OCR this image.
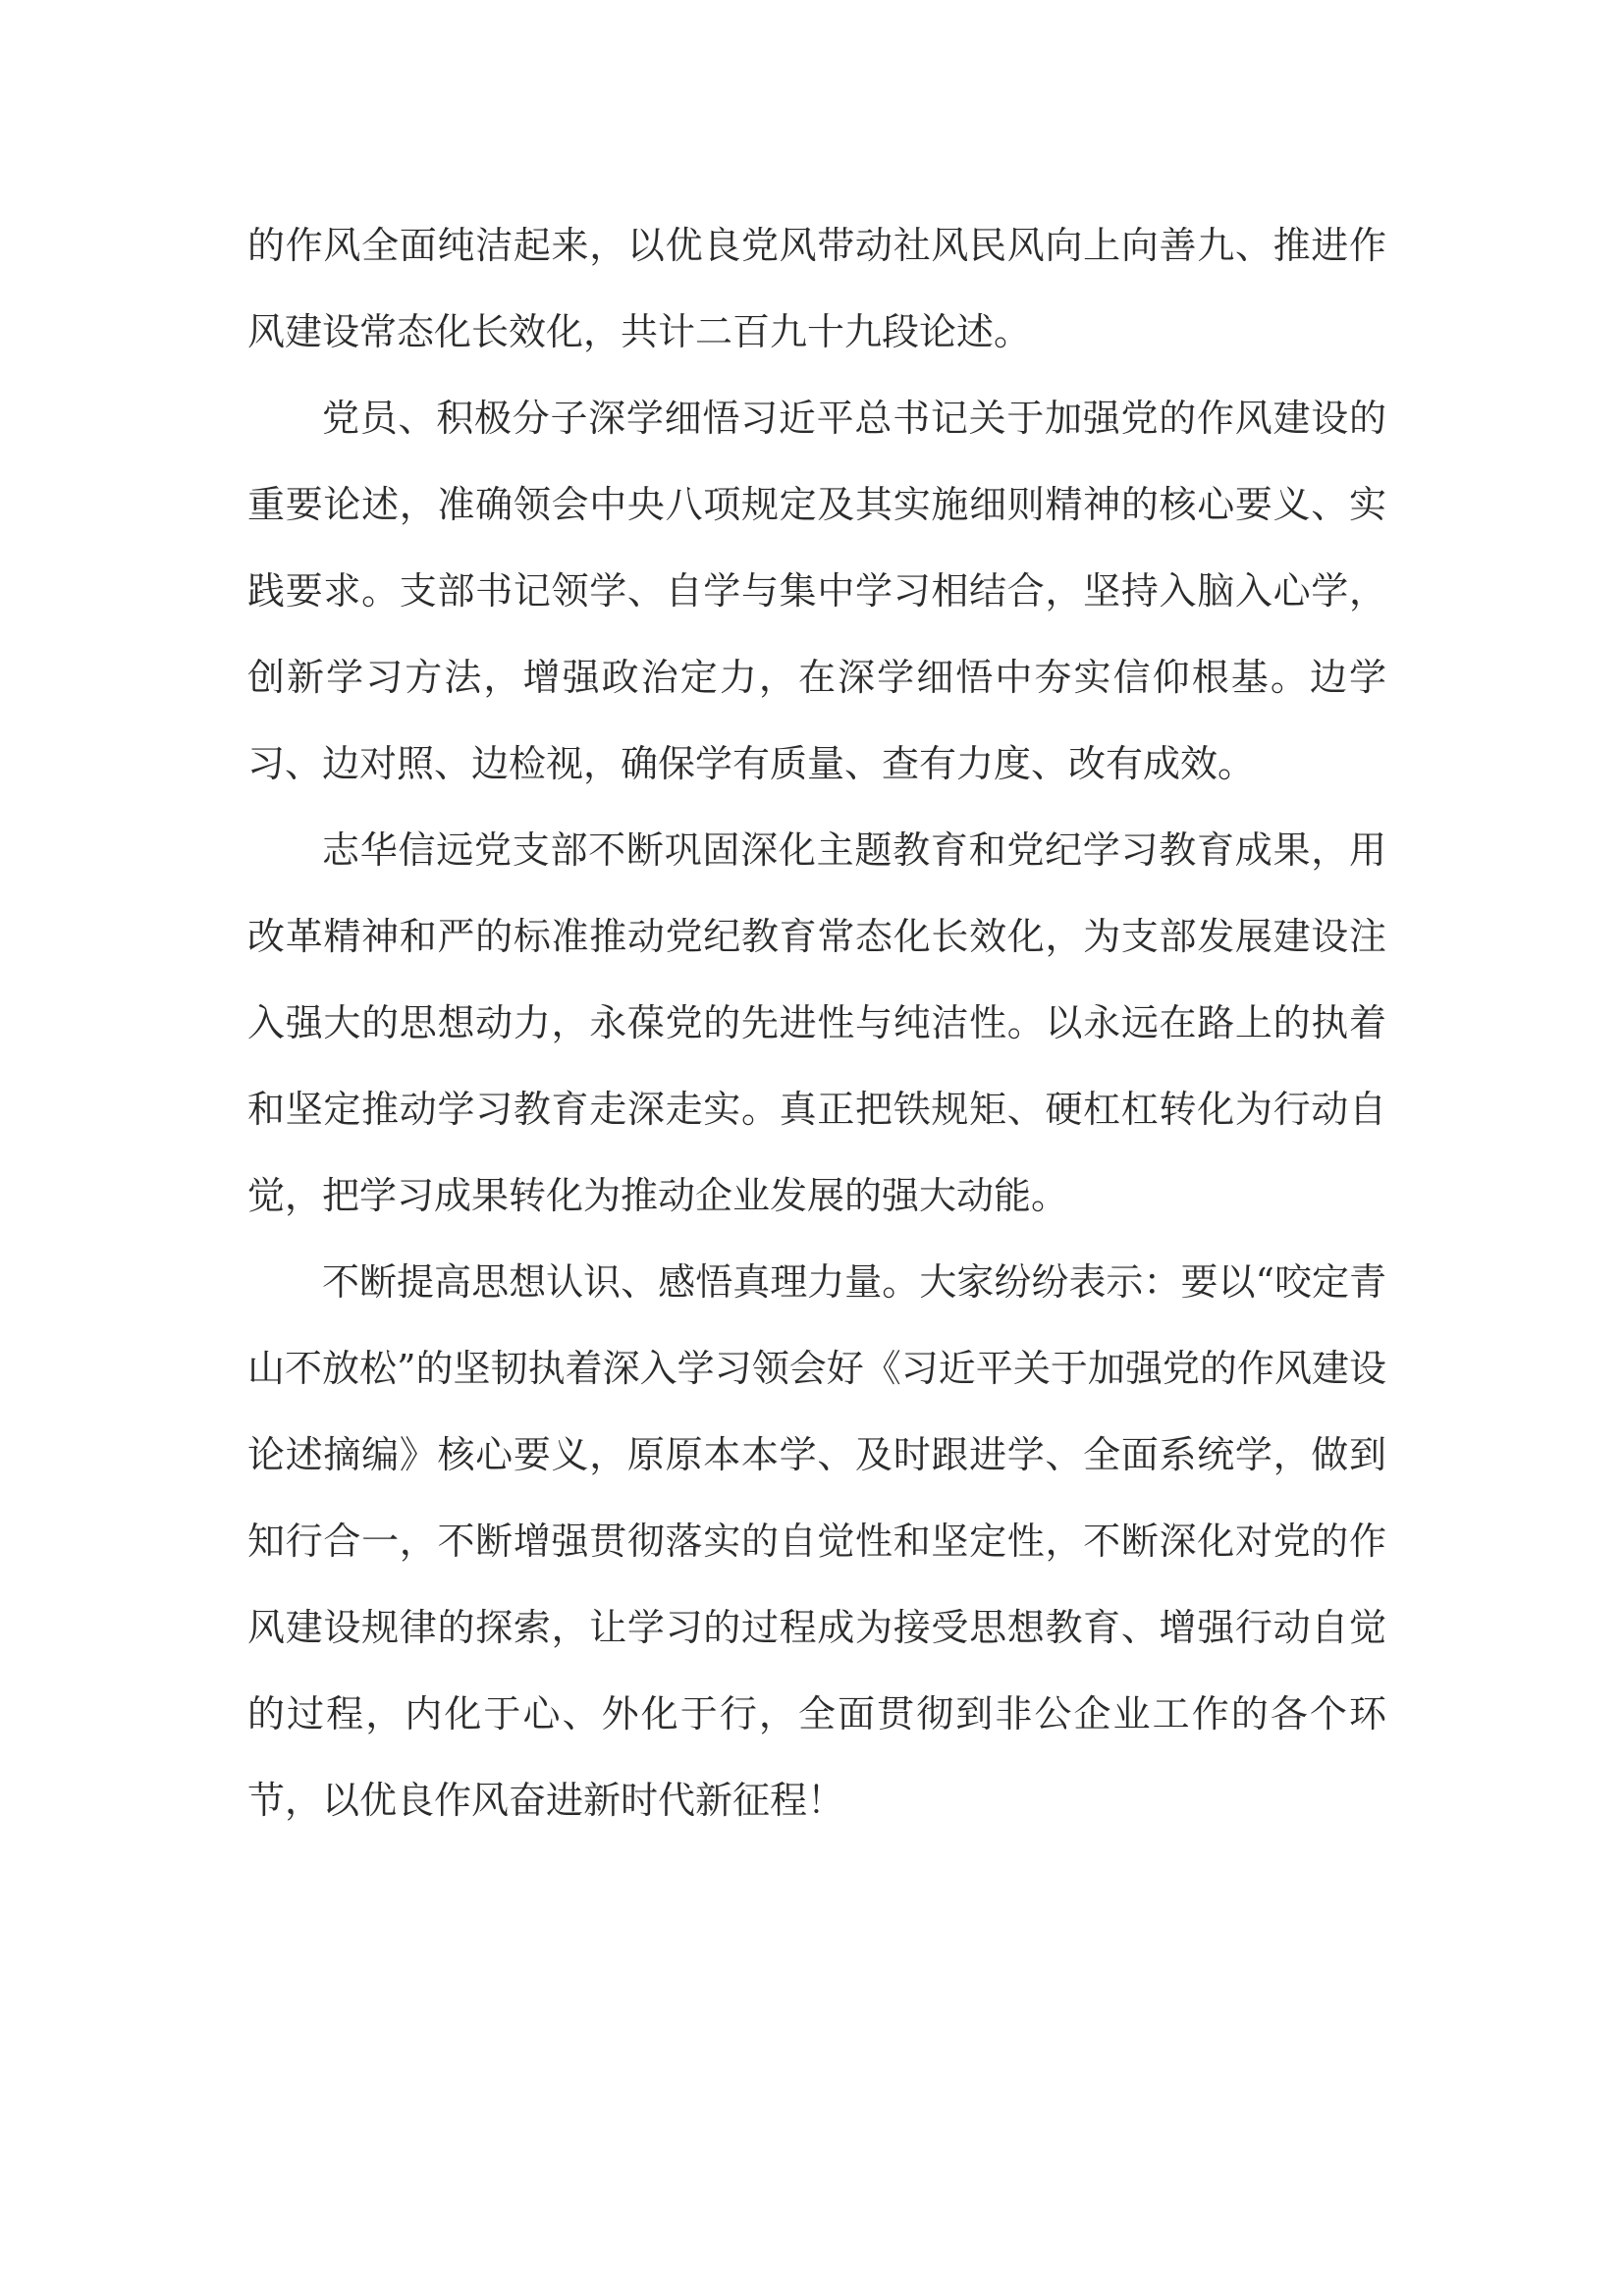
的作风全面纯洁起来，以优良党风带动社风民风向上向善九、推进作风建设常态化长效化，共计二百九十九段论述。

党员、积极分子深学细悟习近平总书记关于加强党的作风建设的重要论述，准确领会中央八项规定及其实施细则精神的核心要义、实践要求。支部书记领学、自学与集中学习相结合，坚持入脑入心学，创新学习方法，增强政治定力，在深学细悟中夯实信仰根基。边学习、边对照、边检视，确保学有质量、查有力度、改有成效。

志华信远党支部不断巩固深化主题教育和党纪学习教育成果，用改革精神和严的标准推动党纪教育常态化长效化，为支部发展建设注入强大的思想动力，永葆党的先进性与纯洁性。以永远在路上的执着和坚定推动学习教育走深走实。真正把铁规矩、硬杠杠转化为行动自觉，把学习成果转化为推动企业发展的强大动能。

不断提高思想认识、感悟真理力量。大家纷纷表示：要以“咬定青山不放松”的坚韧执着深入学习领会好《习近平关于加强党的作风建设论述摘编》核心要义，原原本本学、及时跟进学、全面系统学，做到知行合一，不断增强贯彻落实的自觉性和坚定性，不断深化对党的作风建设规律的探索，让学习的过程成为接受思想教育、增强行动自觉的过程，内化于心、外化于行，全面贯彻到非公企业工作的各个环节，以优良作风奋进新时代新征程！
